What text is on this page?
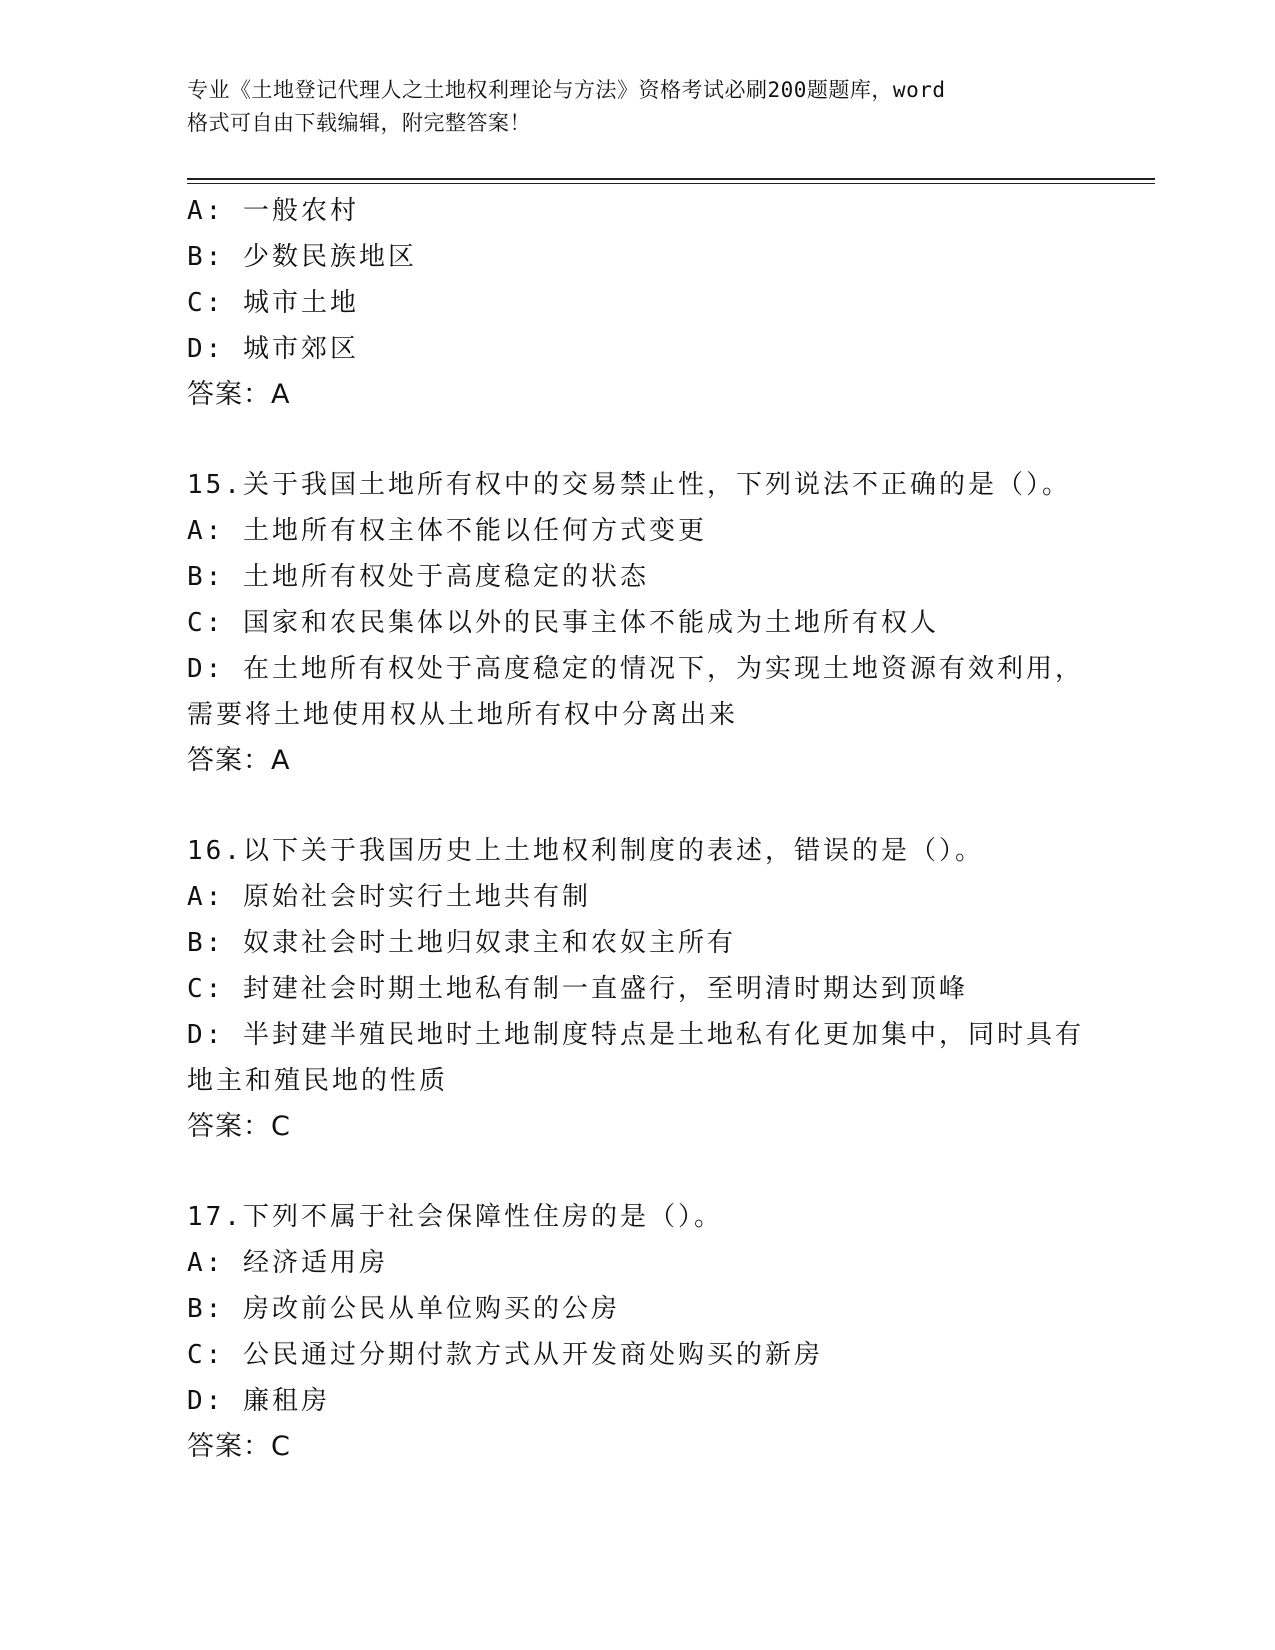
专业《土地登记代理人之土地权利理论与方法》资格考试必刷200题题库，word
格式可自由下载编辑，附完整答案！
A: 一般农村
B: 少数民族地区
C: 城市土地
D: 城市郊区
答案：A
15.关于我国土地所有权中的交易禁止性，下列说法不正确的是（）。
A: 土地所有权主体不能以任何方式变更
B: 土地所有权处于高度稳定的状态
C: 国家和农民集体以外的民事主体不能成为土地所有权人
D: 在土地所有权处于高度稳定的情况下，为实现土地资源有效利用，
需要将土地使用权从土地所有权中分离出来
答案：A
16.以下关于我国历史上土地权利制度的表述，错误的是（）。
A: 原始社会时实行土地共有制
B: 奴隶社会时土地归奴隶主和农奴主所有
C: 封建社会时期土地私有制一直盛行，至明清时期达到顶峰
D: 半封建半殖民地时土地制度特点是土地私有化更加集中，同时具有
地主和殖民地的性质
答案：C
17.下列不属于社会保障性住房的是（）。
A: 经济适用房
B: 房改前公民从单位购买的公房
C: 公民通过分期付款方式从开发商处购买的新房
D: 廉租房
答案：C
